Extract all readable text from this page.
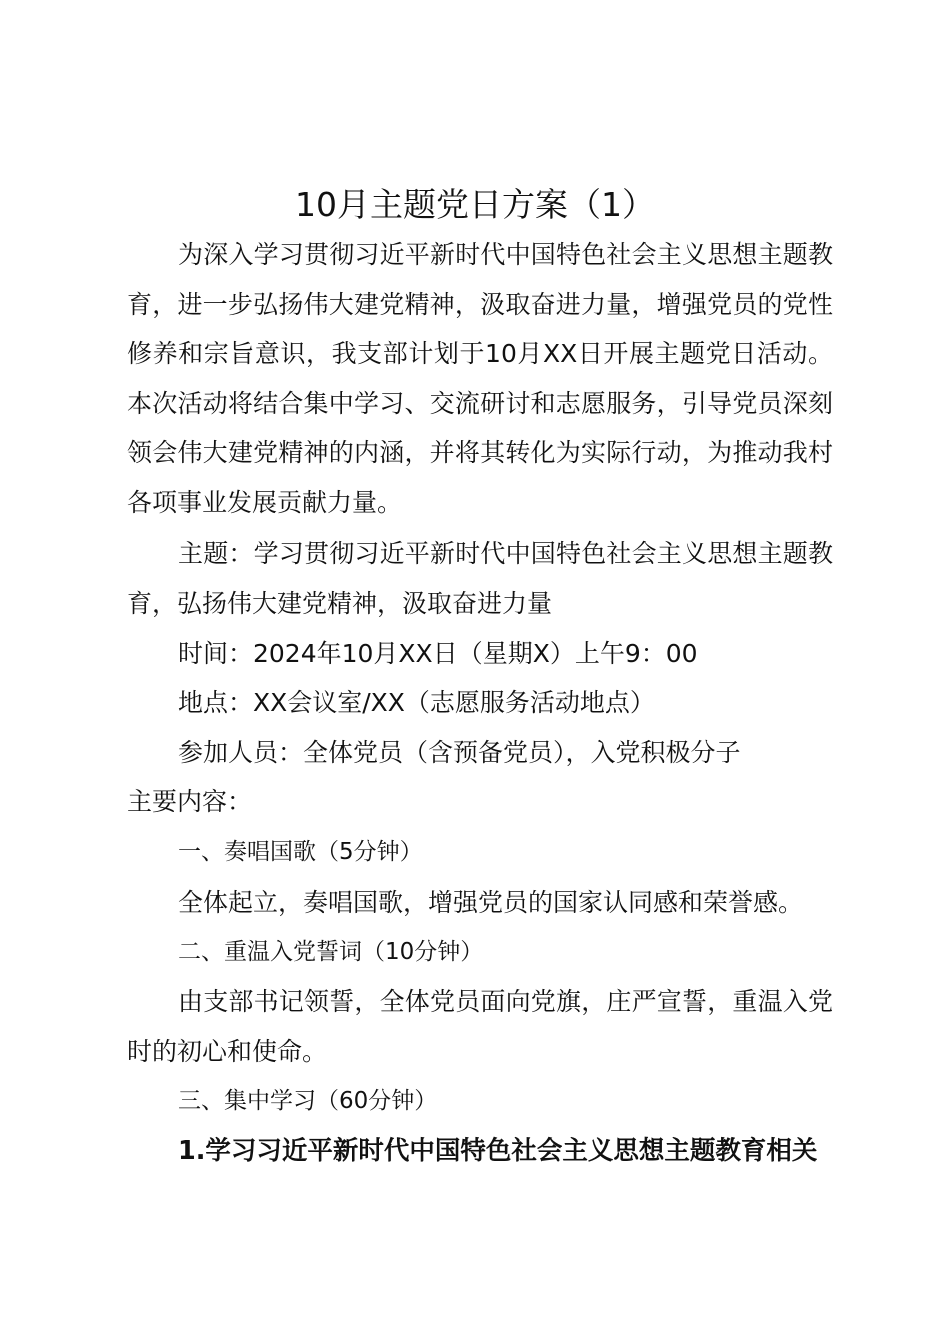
10月主题党日方案（1）
为深入学习贯彻习近平新时代中国特色社会主义思想主题教育，进一步弘扬伟大建党精神，汲取奋进力量，增强党员的党性修养和宗旨意识，我支部计划于10月XX日开展主题党日活动。本次活动将结合集中学习、交流研讨和志愿服务，引导党员深刻领会伟大建党精神的内涵，并将其转化为实际行动，为推动我村各项事业发展贡献力量。
主题：学习贯彻习近平新时代中国特色社会主义思想主题教育，弘扬伟大建党精神，汲取奋进力量
时间：2024年10月XX日（星期X）上午9：00
地点：XX会议室/XX（志愿服务活动地点）
参加人员：全体党员（含预备党员），入党积极分子
主要内容：
一、奏唱国歌（5分钟）
全体起立，奏唱国歌，增强党员的国家认同感和荣誉感。
二、重温入党誓词（10分钟）
由支部书记领誓，全体党员面向党旗，庄严宣誓，重温入党时的初心和使命。
三、集中学习（60分钟）
1.学习习近平新时代中国特色社会主义思想主题教育相关
